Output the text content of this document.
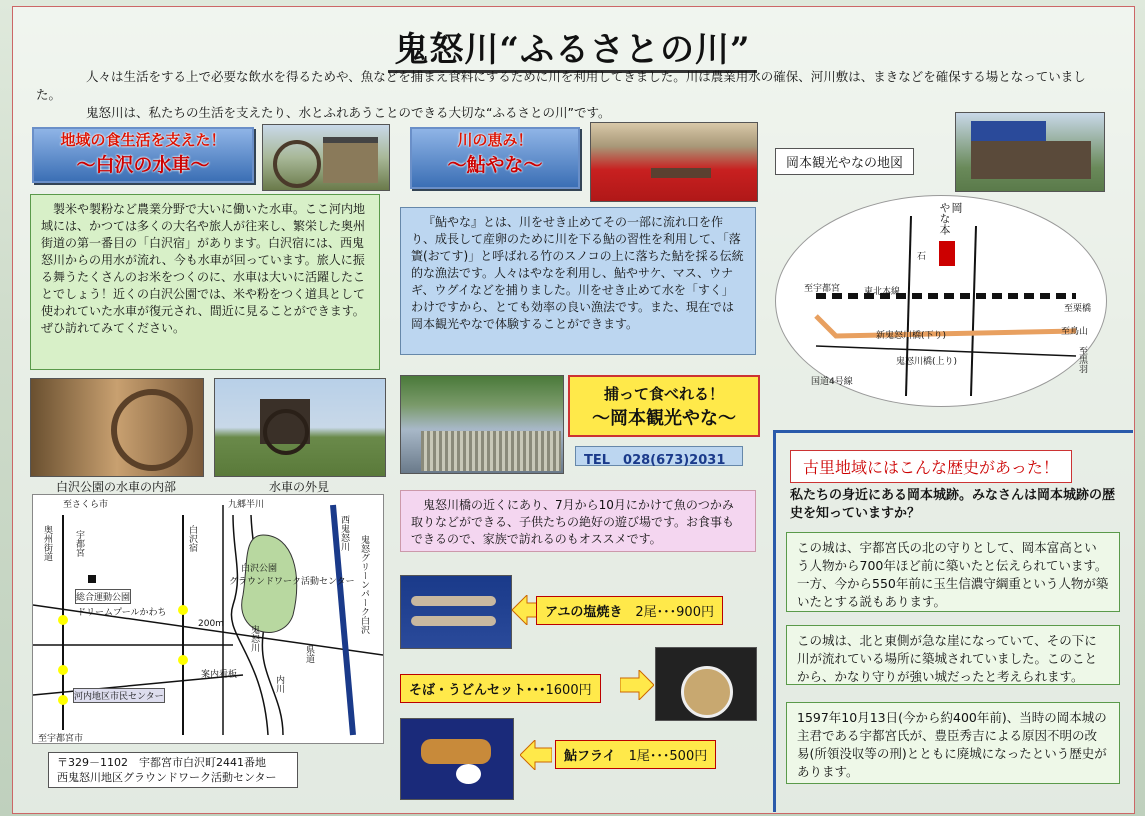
鬼怒川“ふるさとの川”

人々は生活をする上で必要な飲水を得るためや、魚などを捕まえ食料にするために川を利用してきました。川は農業用水の確保、河川敷は、まきなどを確保する場となっていました。

鬼怒川は、私たちの生活を支えたり、水とふれあうことのできる大切な“ふるさとの川”です。

地域の食生活を支えた！
～白沢の水車～
製米や製粉など農業分野で大いに働いた水車。ここ河内地域には、かつては多くの大名や旅人が往来し、繁栄した奥州街道の第一番目の「白沢宿」があります。白沢宿には、西鬼怒川からの用水が流れ、今も水車が回っています。旅人に振る舞うたくさんのお米をつくのに、水車は大いに活躍したことでしょう！近くの白沢公園では、米や粉をつく道具として使われていた水車が復元され、間近に見ることができます。ぜひ訪れてみてください。
白沢公園の水車の内部	水車の外見
至さくら市	九郷半川
奥州街道 宇都宮	白沢宿	西鬼怒川
鬼怒グリーンパーク白沢
総合運動公園
ドリームプールかわち
白沢公園
グラウンドワーク活動センター
200m
鬼怒川
内川
案内看板
河内地区市民センター
至宇都宮市
県道
〒329－1102　宇都宮市白沢町2441番地
西鬼怒川地区グラウンドワーク活動センター
川の恵み！
～鮎やな～
『鮎やな』とは、川をせき止めてその一部に流れ口を作り、成長して産卵のために川を下る鮎の習性を利用して、「落簀(おてす)」と呼ばれる竹のスノコの上に落ちた鮎を採る伝統的な漁法です。人々はやなを利用し、鮎やサケ、マス、ウナギ、ウグイなどを捕りました。川をせき止めて水を「すく」わけですから、とても効率の良い漁法です。また、現在では岡本観光やなで体験することができます。
捕って食べれる！
～岡本観光やな～
TEL　028(673)2031
鬼怒川橋の近くにあり、7月から10月にかけて魚のつかみ取りなどができる、子供たちの絶好の遊び場です。お食事もできるので、家族で訪れるのもオススメです。
アユの塩焼き　 2尾･･･900円
そば・うどんセット･･･1600円
鮎フライ　 1尾･･･500円
岡本観光やなの地図
やな本 岡
東北本線
至宇都宮
至栗橋
至鳥山
至黒羽
新鬼怒川橋(下り)
鬼怒川橋(上り)
国道4号線
石
古里地域にはこんな歴史があった！
私たちの身近にある岡本城跡。みなさんは岡本城跡の歴史を知っていますか？
この城は、宇都宮氏の北の守りとして、岡本富高という人物から700年ほど前に築いたと伝えられています。一方、今から550年前に玉生信濃守綱重という人物が築いたとする説もあります。
この城は、北と東側が急な崖になっていて、その下に川が流れている場所に築城されていました。このことから、かなり守りが強い城だったと考えられます。
1597年10月13日(今から約400年前)、当時の岡本城の主君である宇都宮氏が、豊臣秀吉による原因不明の改易(所領没収等の刑)とともに廃城になったという歴史があります。
